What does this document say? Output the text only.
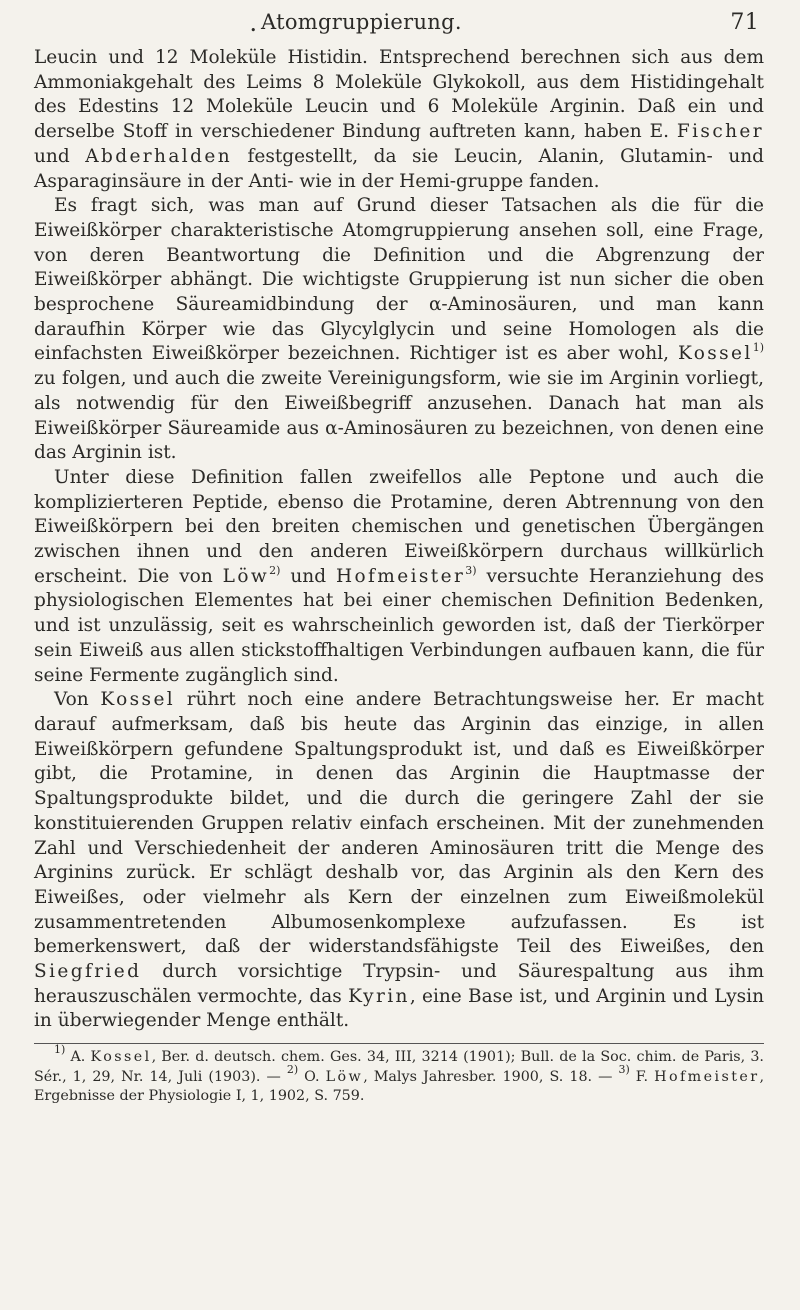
• Atomgruppierung.	71

Leucin und 12 Moleküle Histidin. Entsprechend berechnen sich aus dem Ammoniakgehalt des Leims 8 Moleküle Glykokoll, aus dem Histidingehalt des Edestins 12 Moleküle Leucin und 6 Moleküle Arginin. Daß ein und derselbe Stoff in verschiedener Bindung auftreten kann, haben E. Fischer und Abderhalden festgestellt, da sie Leucin, Alanin, Glutamin- und Asparaginsäure in der Anti- wie in der Hemi-gruppe fanden.

Es fragt sich, was man auf Grund dieser Tatsachen als die für die Eiweißkörper charakteristische Atomgruppierung ansehen soll, eine Frage, von deren Beantwortung die Definition und die Abgrenzung der Eiweißkörper abhängt. Die wichtigste Gruppierung ist nun sicher die oben besprochene Säureamidbindung der α-Aminosäuren, und man kann daraufhin Körper wie das Glycylglycin und seine Homologen als die einfachsten Eiweißkörper bezeichnen. Richtiger ist es aber wohl, Kossel$^{1)}$ zu folgen, und auch die zweite Vereinigungsform, wie sie im Arginin vorliegt, als notwendig für den Eiweißbegriff anzusehen. Danach hat man als Eiweißkörper Säureamide aus α-Aminosäuren zu bezeichnen, von denen eine das Arginin ist.

Unter diese Definition fallen zweifellos alle Peptone und auch die komplizierteren Peptide, ebenso die Protamine, deren Abtrennung von den Eiweißkörpern bei den breiten chemischen und genetischen Übergängen zwischen ihnen und den anderen Eiweißkörpern durchaus willkürlich erscheint. Die von Löw$^{2)}$ und Hofmeister$^{3)}$ versuchte Heranziehung des physiologischen Elementes hat bei einer chemischen Definition Bedenken, und ist unzulässig, seit es wahrscheinlich geworden ist, daß der Tierkörper sein Eiweiß aus allen stickstoffhaltigen Verbindungen aufbauen kann, die für seine Fermente zugänglich sind.

Von Kossel rührt noch eine andere Betrachtungsweise her. Er macht darauf aufmerksam, daß bis heute das Arginin das einzige, in allen Eiweißkörpern gefundene Spaltungsprodukt ist, und daß es Eiweißkörper gibt, die Protamine, in denen das Arginin die Hauptmasse der Spaltungsprodukte bildet, und die durch die geringere Zahl der sie konstituierenden Gruppen relativ einfach erscheinen. Mit der zunehmenden Zahl und Verschiedenheit der anderen Aminosäuren tritt die Menge des Arginins zurück. Er schlägt deshalb vor, das Arginin als den Kern des Eiweißes, oder vielmehr als Kern der einzelnen zum Eiweißmolekül zusammentretenden Albumosenkomplexe aufzufassen. Es ist bemerkenswert, daß der widerstandsfähigste Teil des Eiweißes, den Siegfried durch vorsichtige Trypsin- und Säurespaltung aus ihm herauszuschälen vermochte, das Kyrin, eine Base ist, und Arginin und Lysin in überwiegender Menge enthält.

$^{1)}$ A. Kossel, Ber. d. deutsch. chem. Ges. 34, III, 3214 (1901); Bull. de la Soc. chim. de Paris, 3. Sér., 1, 29, Nr. 14, Juli (1903). — $^{2)}$ O. Löw, Malys Jahresber. 1900, S. 18. — $^{3)}$ F. Hofmeister, Ergebnisse der Physiologie I, 1, 1902, S. 759.
